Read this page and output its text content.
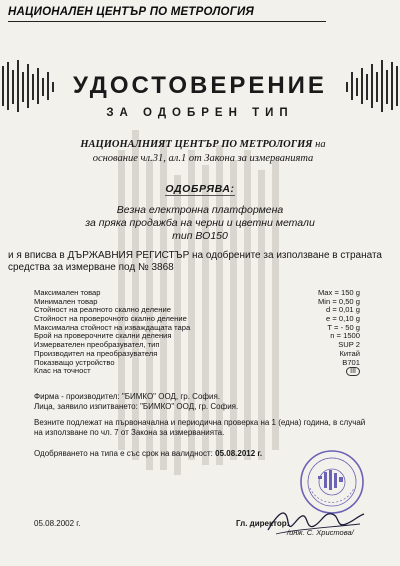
НАЦИОНАЛЕН ЦЕНТЪР ПО МЕТРОЛОГИЯ
УДОСТОВЕРЕНИЕ
ЗА ОДОБРЕН ТИП
НАЦИОНАЛНИЯТ ЦЕНТЪР ПО МЕТРОЛОГИЯ на
основание чл.31, ал.1 от Закона за измерванията
ОДОБРЯВА:
Везна електронна платформена
за пряка продажба на черни и цветни метали
тип ВО150
и я вписва в ДЪРЖАВНИЯ РЕГИСТЪР на одобрените за използване в страната средства за измерване под № 3868
Максимален товар	Max = 150 g
Минимален товар	Min = 0,50 g
Стойност на реалното скално деление	d = 0,01 g
Стойност на проверочното скално деление	e = 0,10 g
Максимална стойност на изваждащата тара	T = - 50 g
Брой на проверочните скални деления	n = 1500
Измервателен преобразувател, тип	SUP 2
Производител на преобразувателя	Китай
Показващо устройство	B701
Клас на точност	III
Фирма - производител: "БИМКО" ООД, гр. София.
Лица, заявило изпитването: "БИМКО" ООД, гр. София.
Везните подлежат на първоначална и периодична проверка на 1 (една) година, в случай на използване по чл. 7 от Закона за измерванията.
Одобряването на типа е със срок на валидност: 05.08.2012 г.
05.08.2002 г.	Гл. директор:
/инж. С. Христова/
